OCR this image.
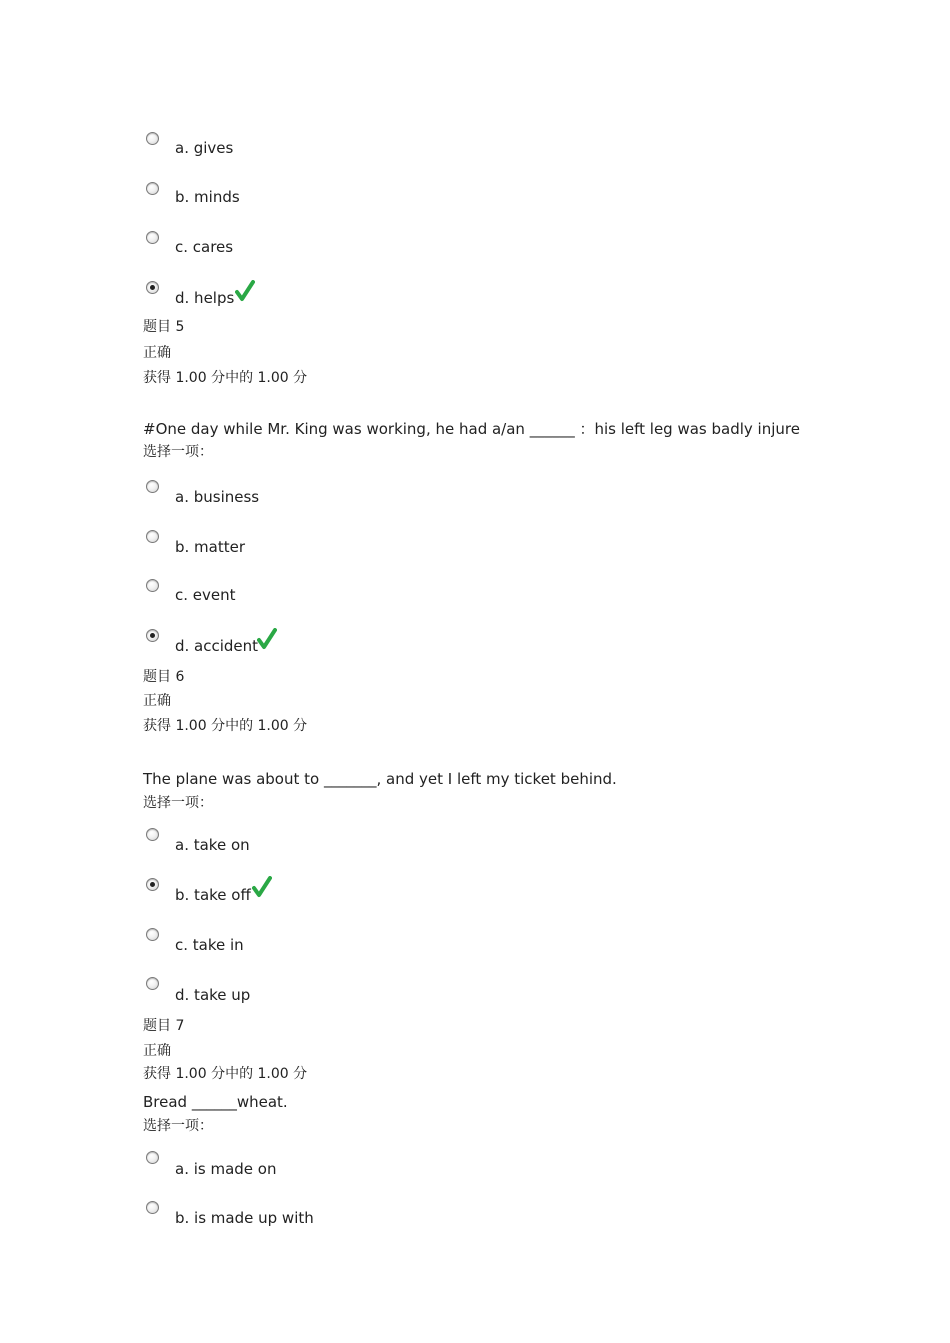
a. gives
b. minds
c. cares
d. helps
题目 5
正确
获得 1.00 分中的 1.00 分
#One day while Mr. King was working, he had a/an ______ ：his left leg was badly injure
选择一项：
a. business
b. matter
c. event
d. accident
题目 6
正确
获得 1.00 分中的 1.00 分
The plane was about to _______, and yet I left my ticket behind.
选择一项：
a. take on
b. take off
c. take in
d. take up
题目 7
正确
获得 1.00 分中的 1.00 分
Bread ______wheat.
选择一项：
a. is made on
b. is made up with
